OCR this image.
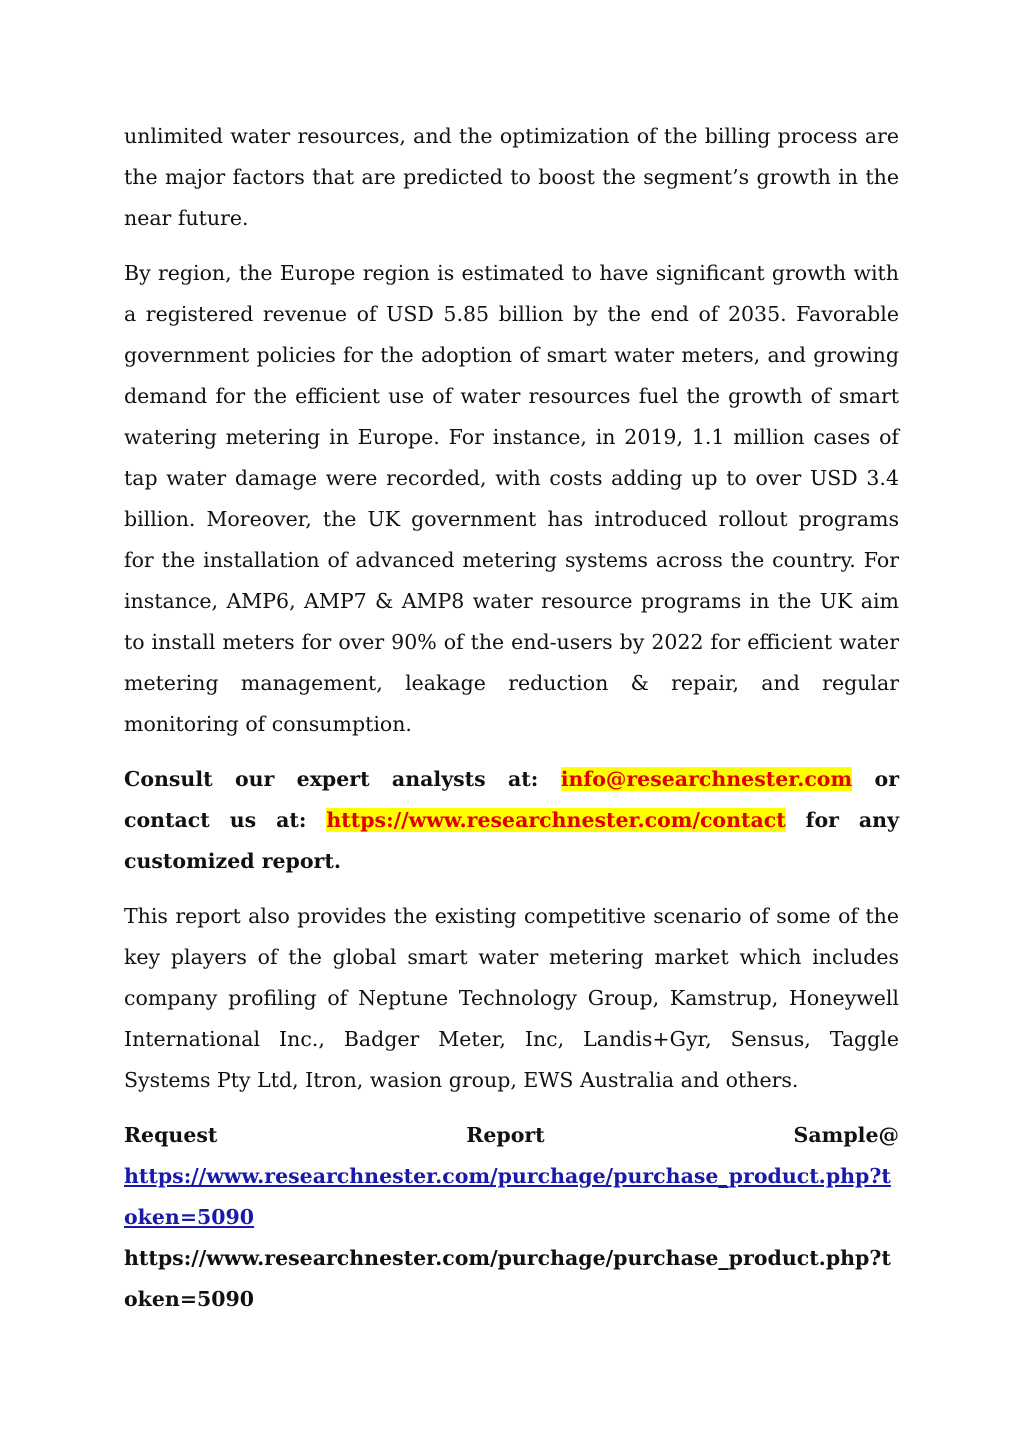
unlimited water resources, and the optimization of the billing process are the major factors that are predicted to boost the segment’s growth in the near future.

By region, the Europe region is estimated to have significant growth with a registered revenue of USD 5.85 billion by the end of 2035. Favorable government policies for the adoption of smart water meters, and growing demand for the efficient use of water resources fuel the growth of smart watering metering in Europe. For instance, in 2019, 1.1 million cases of tap water damage were recorded, with costs adding up to over USD 3.4 billion. Moreover, the UK government has introduced rollout programs for the installation of advanced metering systems across the country. For instance, AMP6, AMP7 & AMP8 water resource programs in the UK aim to install meters for over 90% of the end-users by 2022 for efficient water metering management, leakage reduction & repair, and regular monitoring of consumption.

Consult our expert analysts at: info@researchnester.com or contact us at: https://www.researchnester.com/contact for any customized report.

This report also provides the existing competitive scenario of some of the key players of the global smart water metering market which includes company profiling of Neptune Technology Group, Kamstrup, Honeywell International Inc., Badger Meter, Inc, Landis+Gyr, Sensus, Taggle Systems Pty Ltd, Itron, wasion group, EWS Australia and others.

Request	Report	Sample@
https://www.researchnester.com/purchage/purchase_product.php?token=5090
https://www.researchnester.com/purchage/purchase_product.php?token=5090
